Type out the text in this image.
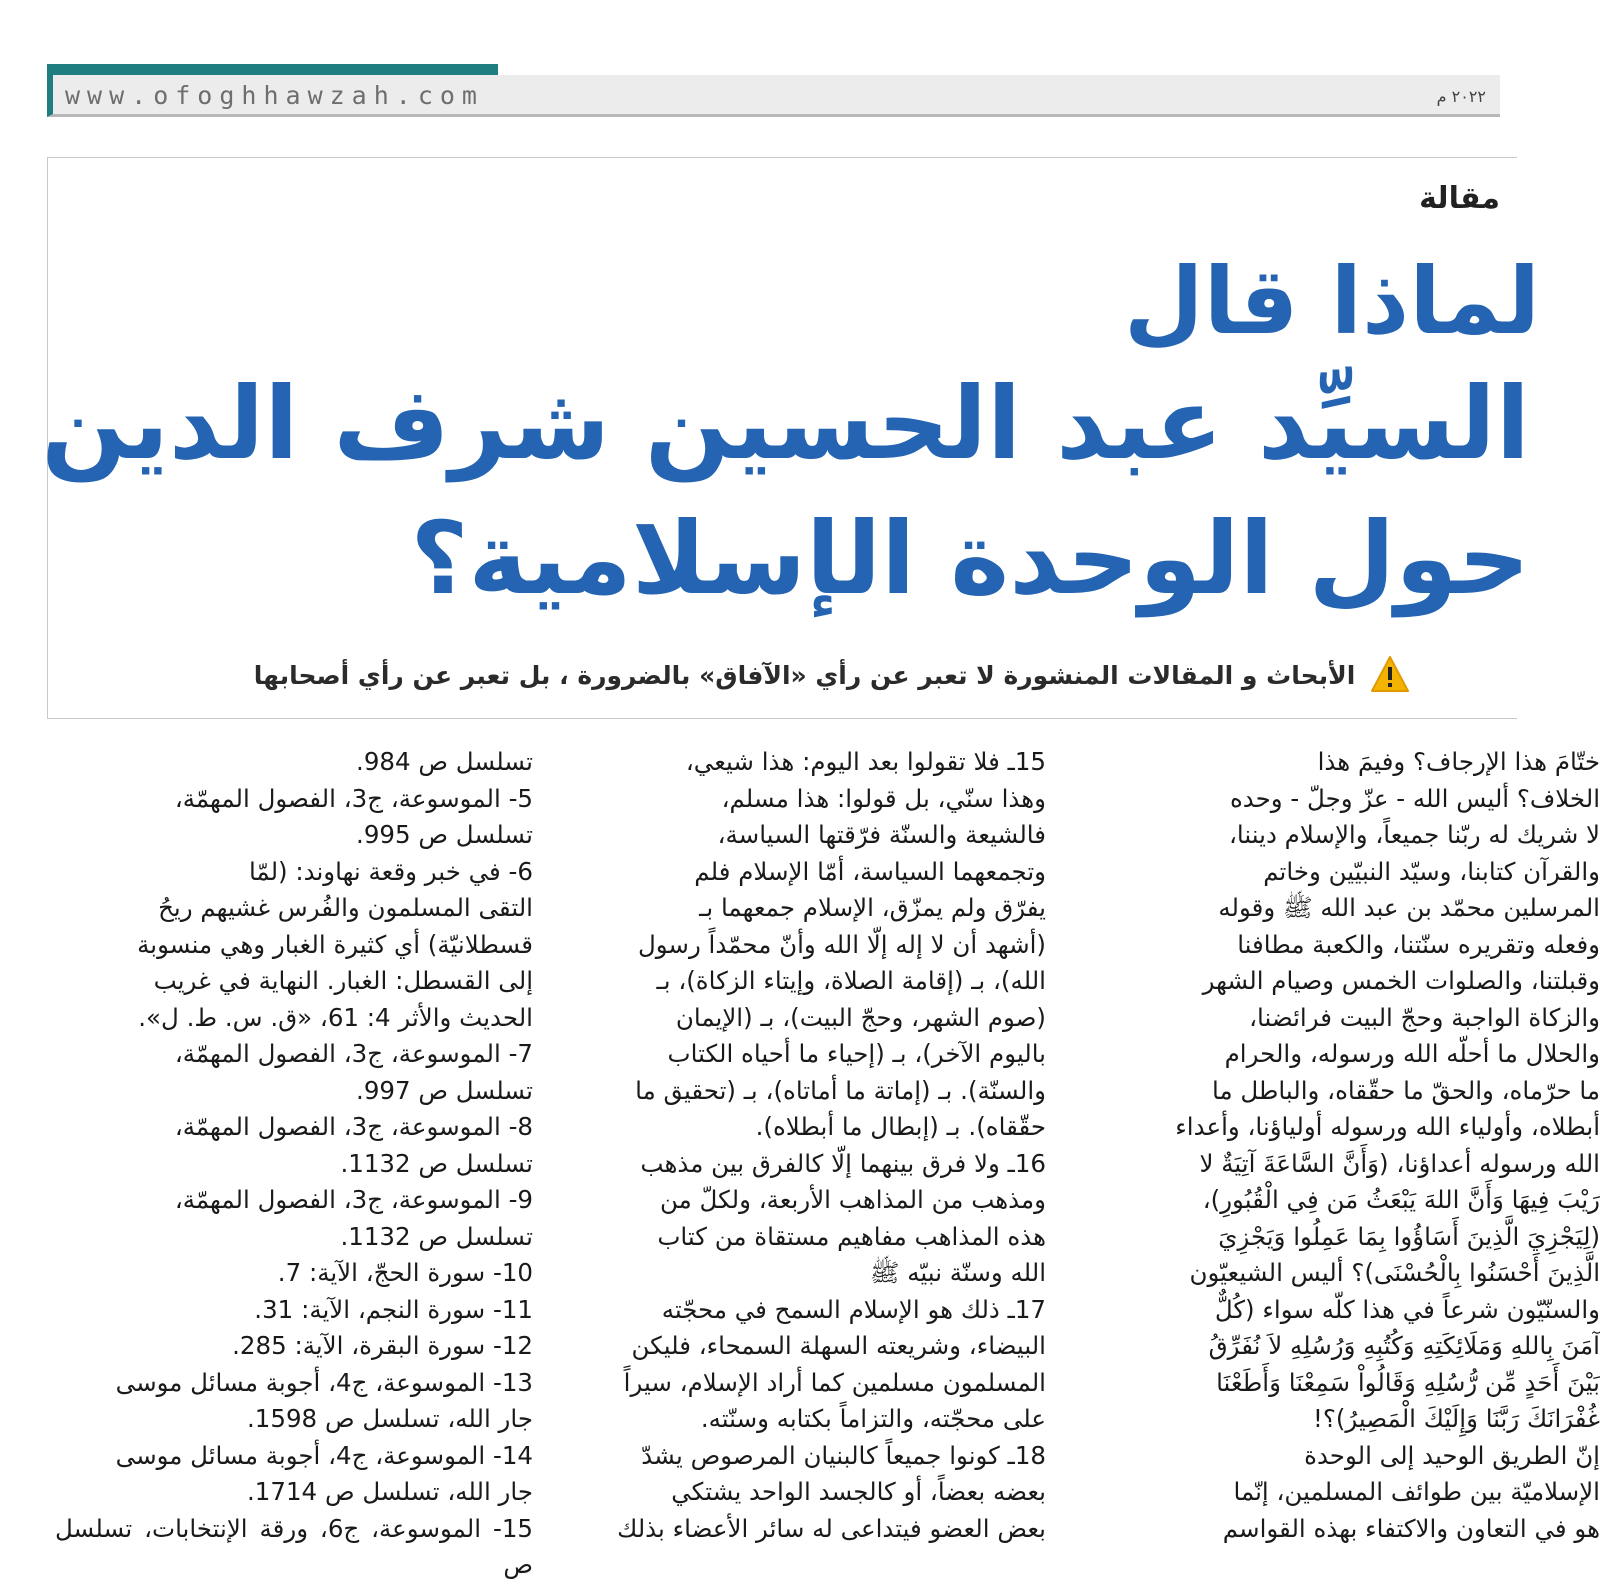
www.ofoghhawzah.com	٢٠٢٢ م
مقالة
لماذا قال
السيِّد عبد الحسين شرف الدين
حول الوحدة الإسلامية؟
الأبحاث و المقالات المنشورة لا تعبر عن رأي «الآفاق» بالضرورة ، بل تعبر عن رأي أصحابها

ختّامَ هذا الإرجاف؟ وفيمَ هذا

الخلاف؟ أليس الله - عزّ وجلّ - وحده

لا شريك له ربّنا جميعاً، والإسلام ديننا،

والقرآن كتابنا، وسيّد النبيّين وخاتم

المرسلين محمّد بن عبد الله ﷺ وقوله

وفعله وتقريره سنّتنا، والكعبة مطافنا

وقبلتنا، والصلوات الخمس وصيام الشهر

والزكاة الواجبة وحجّ البيت فرائضنا،

والحلال ما أحلّه الله ورسوله، والحرام

ما حرّماه، والحقّ ما حقّقاه، والباطل ما

أبطلاه، وأولياء الله ورسوله أولياؤنا، وأعداء

الله ورسوله أعداؤنا، (وَأَنَّ السَّاعَةَ آتِيَةٌ لا

رَيْبَ فِيهَا وَأَنَّ اللهَ يَبْعَثُ مَن فِي الْقُبُورِ)،

(لِيَجْزِيَ الَّذِينَ أَسَاؤُوا بِمَا عَمِلُوا وَيَجْزِيَ

الَّذِينَ أَحْسَنُوا بِالْحُسْنَى)؟ أليس الشيعيّون

والسنّيّون شرعاً في هذا كلّه سواء (كُلٌّ

آمَنَ بِاللهِ وَمَلَائِكَتِهِ وَكُتُبِهِ وَرُسُلِهِ لاَ نُفَرِّقُ

بَيْنَ أَحَدٍ مِّن رُّسُلِهِ وَقَالُواْ سَمِعْنَا وَأَطَعْنَا

غُفْرَانَكَ رَبَّنَا وَإِلَيْكَ الْمَصِيرُ)؟!

إنّ الطريق الوحيد إلى الوحدة

الإسلاميّة بين طوائف المسلمين، إنّما

هو في التعاون والاكتفاء بهذه القواسم

15ـ فلا تقولوا بعد اليوم: هذا شيعي،

وهذا سنّي، بل قولوا: هذا مسلم،

فالشيعة والسنّة فرّقتها السياسة،

وتجمعهما السياسة، أمّا الإسلام فلم

يفرّق ولم يمزّق، الإسلام جمعهما بـ

(أشهد أن لا إله إلّا الله وأنّ محمّداً رسول

الله)، بـ (إقامة الصلاة، وإيتاء الزكاة)، بـ

(صوم الشهر، وحجّ البيت)، بـ (الإيمان

باليوم الآخر)، بـ (إحياء ما أحياه الكتاب

والسنّة). بـ (إماتة ما أماتاه)، بـ (تحقيق ما

حقّقاه). بـ (إبطال ما أبطلاه).

16ـ ولا فرق بينهما إلّا كالفرق بين مذهب

ومذهب من المذاهب الأربعة، ولكلّ من

هذه المذاهب مفاهيم مستقاة من كتاب

الله وسنّة نبيّه ﷺ

17ـ ذلك هو الإسلام السمح في محجّته

البيضاء، وشريعته السهلة السمحاء، فليكن

المسلمون مسلمين كما أراد الإسلام، سيراً

على محجّته، والتزاماً بكتابه وسنّته.

18ـ كونوا جميعاً كالبنيان المرصوص يشدّ

بعضه بعضاً، أو كالجسد الواحد يشتكي

بعض العضو فيتداعى له سائر الأعضاء بذلك

تسلسل ص 984.

5- الموسوعة، ج3، الفصول المهمّة،

تسلسل ص 995.

6- في خبر وقعة نهاوند: (لمّا

التقى المسلمون والفُرس غشيهم ريحُ

قسطلانيّة) أي كثيرة الغبار وهي منسوبة

إلى القسطل: الغبار. النهاية في غريب

الحديث والأثر 4: 61، «ق. س. ط. ل».

7- الموسوعة، ج3، الفصول المهمّة،

تسلسل ص 997.

8- الموسوعة، ج3، الفصول المهمّة،

تسلسل ص 1132.

9- الموسوعة، ج3، الفصول المهمّة،

تسلسل ص 1132.

10- سورة الحجّ، الآية: 7.

11- سورة النجم، الآية: 31.

12- سورة البقرة، الآية: 285.

13- الموسوعة، ج4، أجوبة مسائل موسى

جار الله، تسلسل ص 1598.

14- الموسوعة، ج4، أجوبة مسائل موسى

جار الله، تسلسل ص 1714.

15- الموسوعة، ج6، ورقة الإنتخابات، تسلسل ص
